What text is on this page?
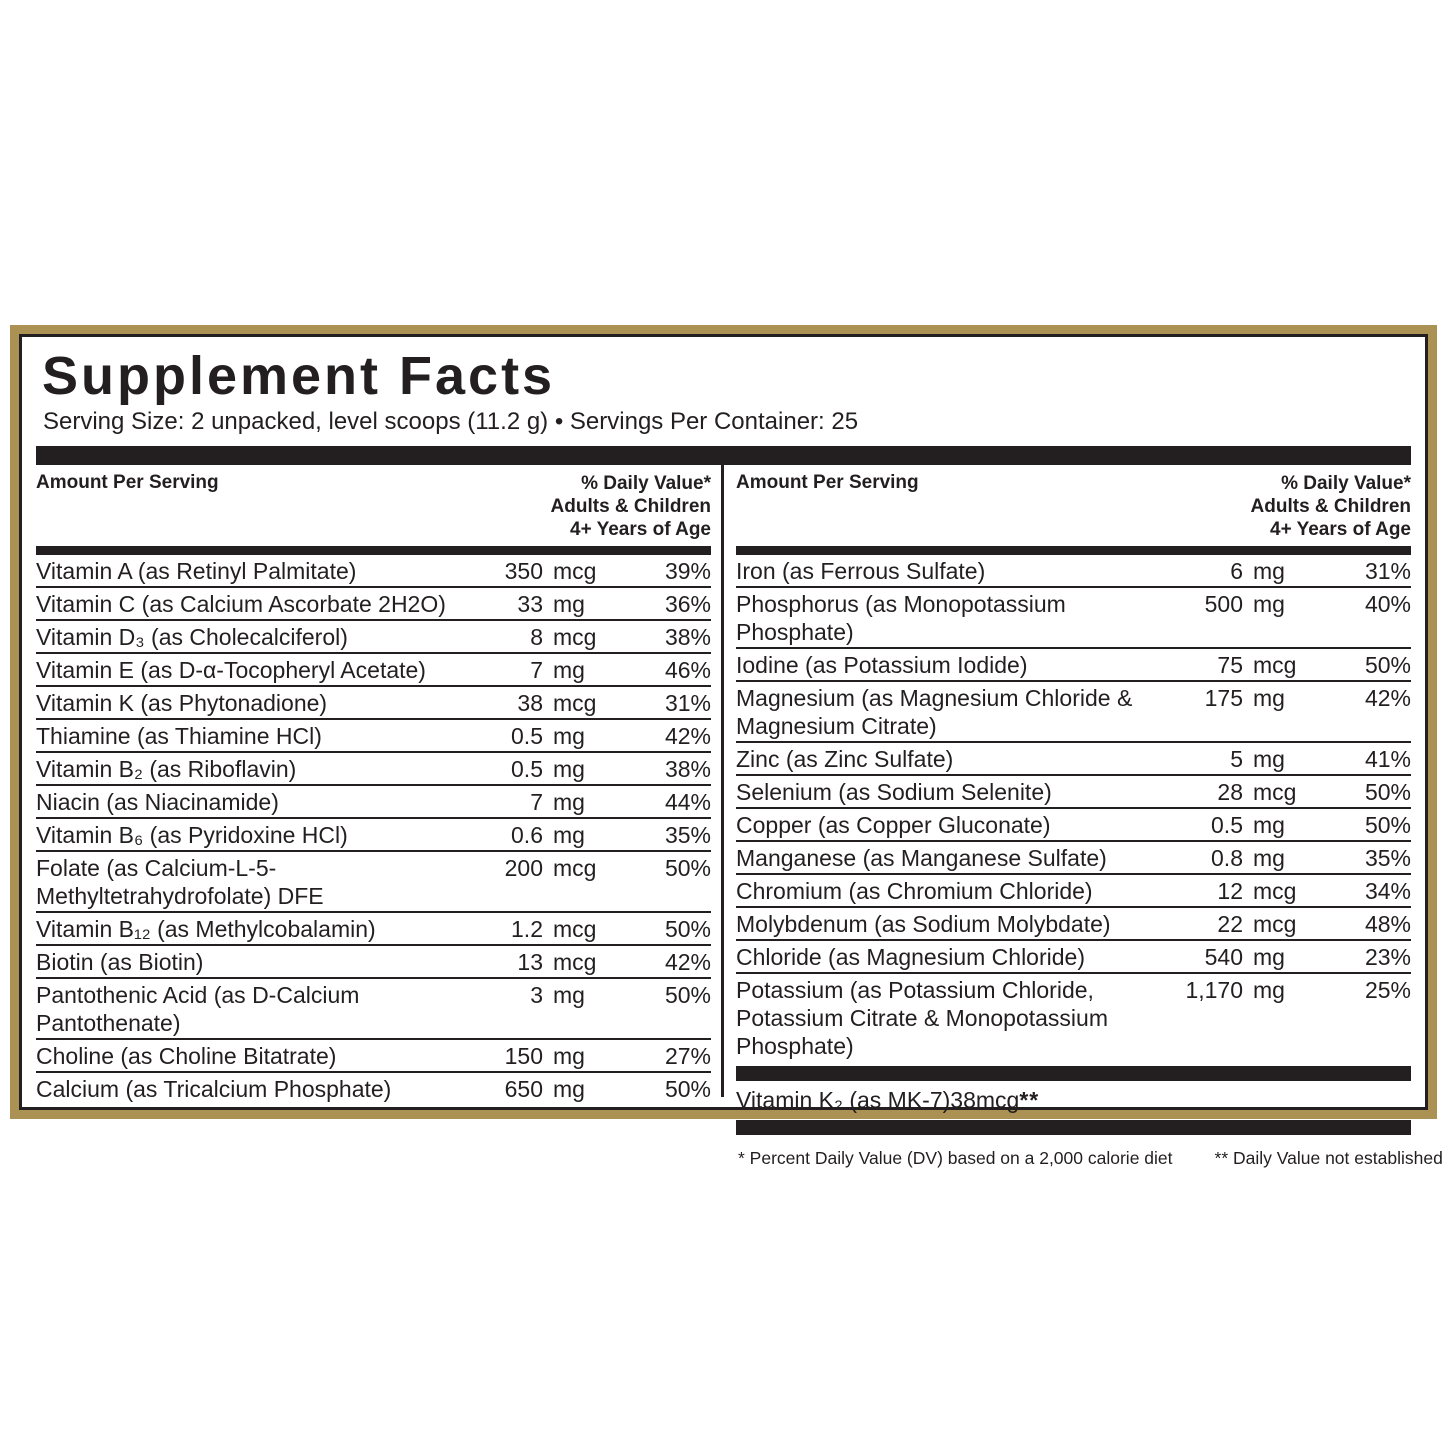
Supplement Facts
Serving Size: 2 unpacked, level scoops (11.2 g) • Servings Per Container: 25
Amount Per Serving	% Daily Value*
Adults & Children
4+ Years of Age
Vitamin A (as Retinyl Palmitate)	350 mcg	39%
Vitamin C (as Calcium Ascorbate 2H2O)	33 mg	36%
Vitamin D₃ (as Cholecalciferol)	8 mcg	38%
Vitamin E (as D-α-Tocopheryl Acetate)	7 mg	46%
Vitamin K (as Phytonadione)	38 mcg	31%
Thiamine (as Thiamine HCl)	0.5 mg	42%
Vitamin B₂ (as Riboflavin)	0.5 mg	38%
Niacin (as Niacinamide)	7 mg	44%
Vitamin B₆ (as Pyridoxine HCl)	0.6 mg	35%
Folate (as Calcium-L-5-Methyltetrahydrofolate) DFE
200 mcg	50%
Vitamin B₁₂ (as Methylcobalamin)	1.2 mcg	50%
Biotin (as Biotin)	13 mcg	42%
Pantothenic Acid (as D-Calcium Pantothenate)
3 mg	50%
Choline (as Choline Bitatrate)	150 mg	27%
Calcium (as Tricalcium Phosphate)	650 mg	50%
Amount Per Serving	% Daily Value*
Adults & Children
4+ Years of Age
Iron (as Ferrous Sulfate)	6 mg	31%
Phosphorus (as Monopotassium Phosphate)
500 mg	40%
Iodine (as Potassium Iodide)	75 mcg	50%
Magnesium (as Magnesium Chloride & Magnesium Citrate)
175 mg	42%
Zinc (as Zinc Sulfate)	5 mg	41%
Selenium (as Sodium Selenite)	28 mcg	50%
Copper (as Copper Gluconate)	0.5 mg	50%
Manganese (as Manganese Sulfate)	0.8 mg	35%
Chromium (as Chromium Chloride)	12 mcg	34%
Molybdenum (as Sodium Molybdate)	22 mcg	48%
Chloride (as Magnesium Chloride)	540 mg	23%
Potassium (as Potassium Chloride, Potassium Citrate & Monopotassium Phosphate)
1,170 mg	25%
Vitamin K₂ (as MK-7) 38 mcg **
* Percent Daily Value (DV) based on a 2,000 calorie diet ** Daily Value not established
